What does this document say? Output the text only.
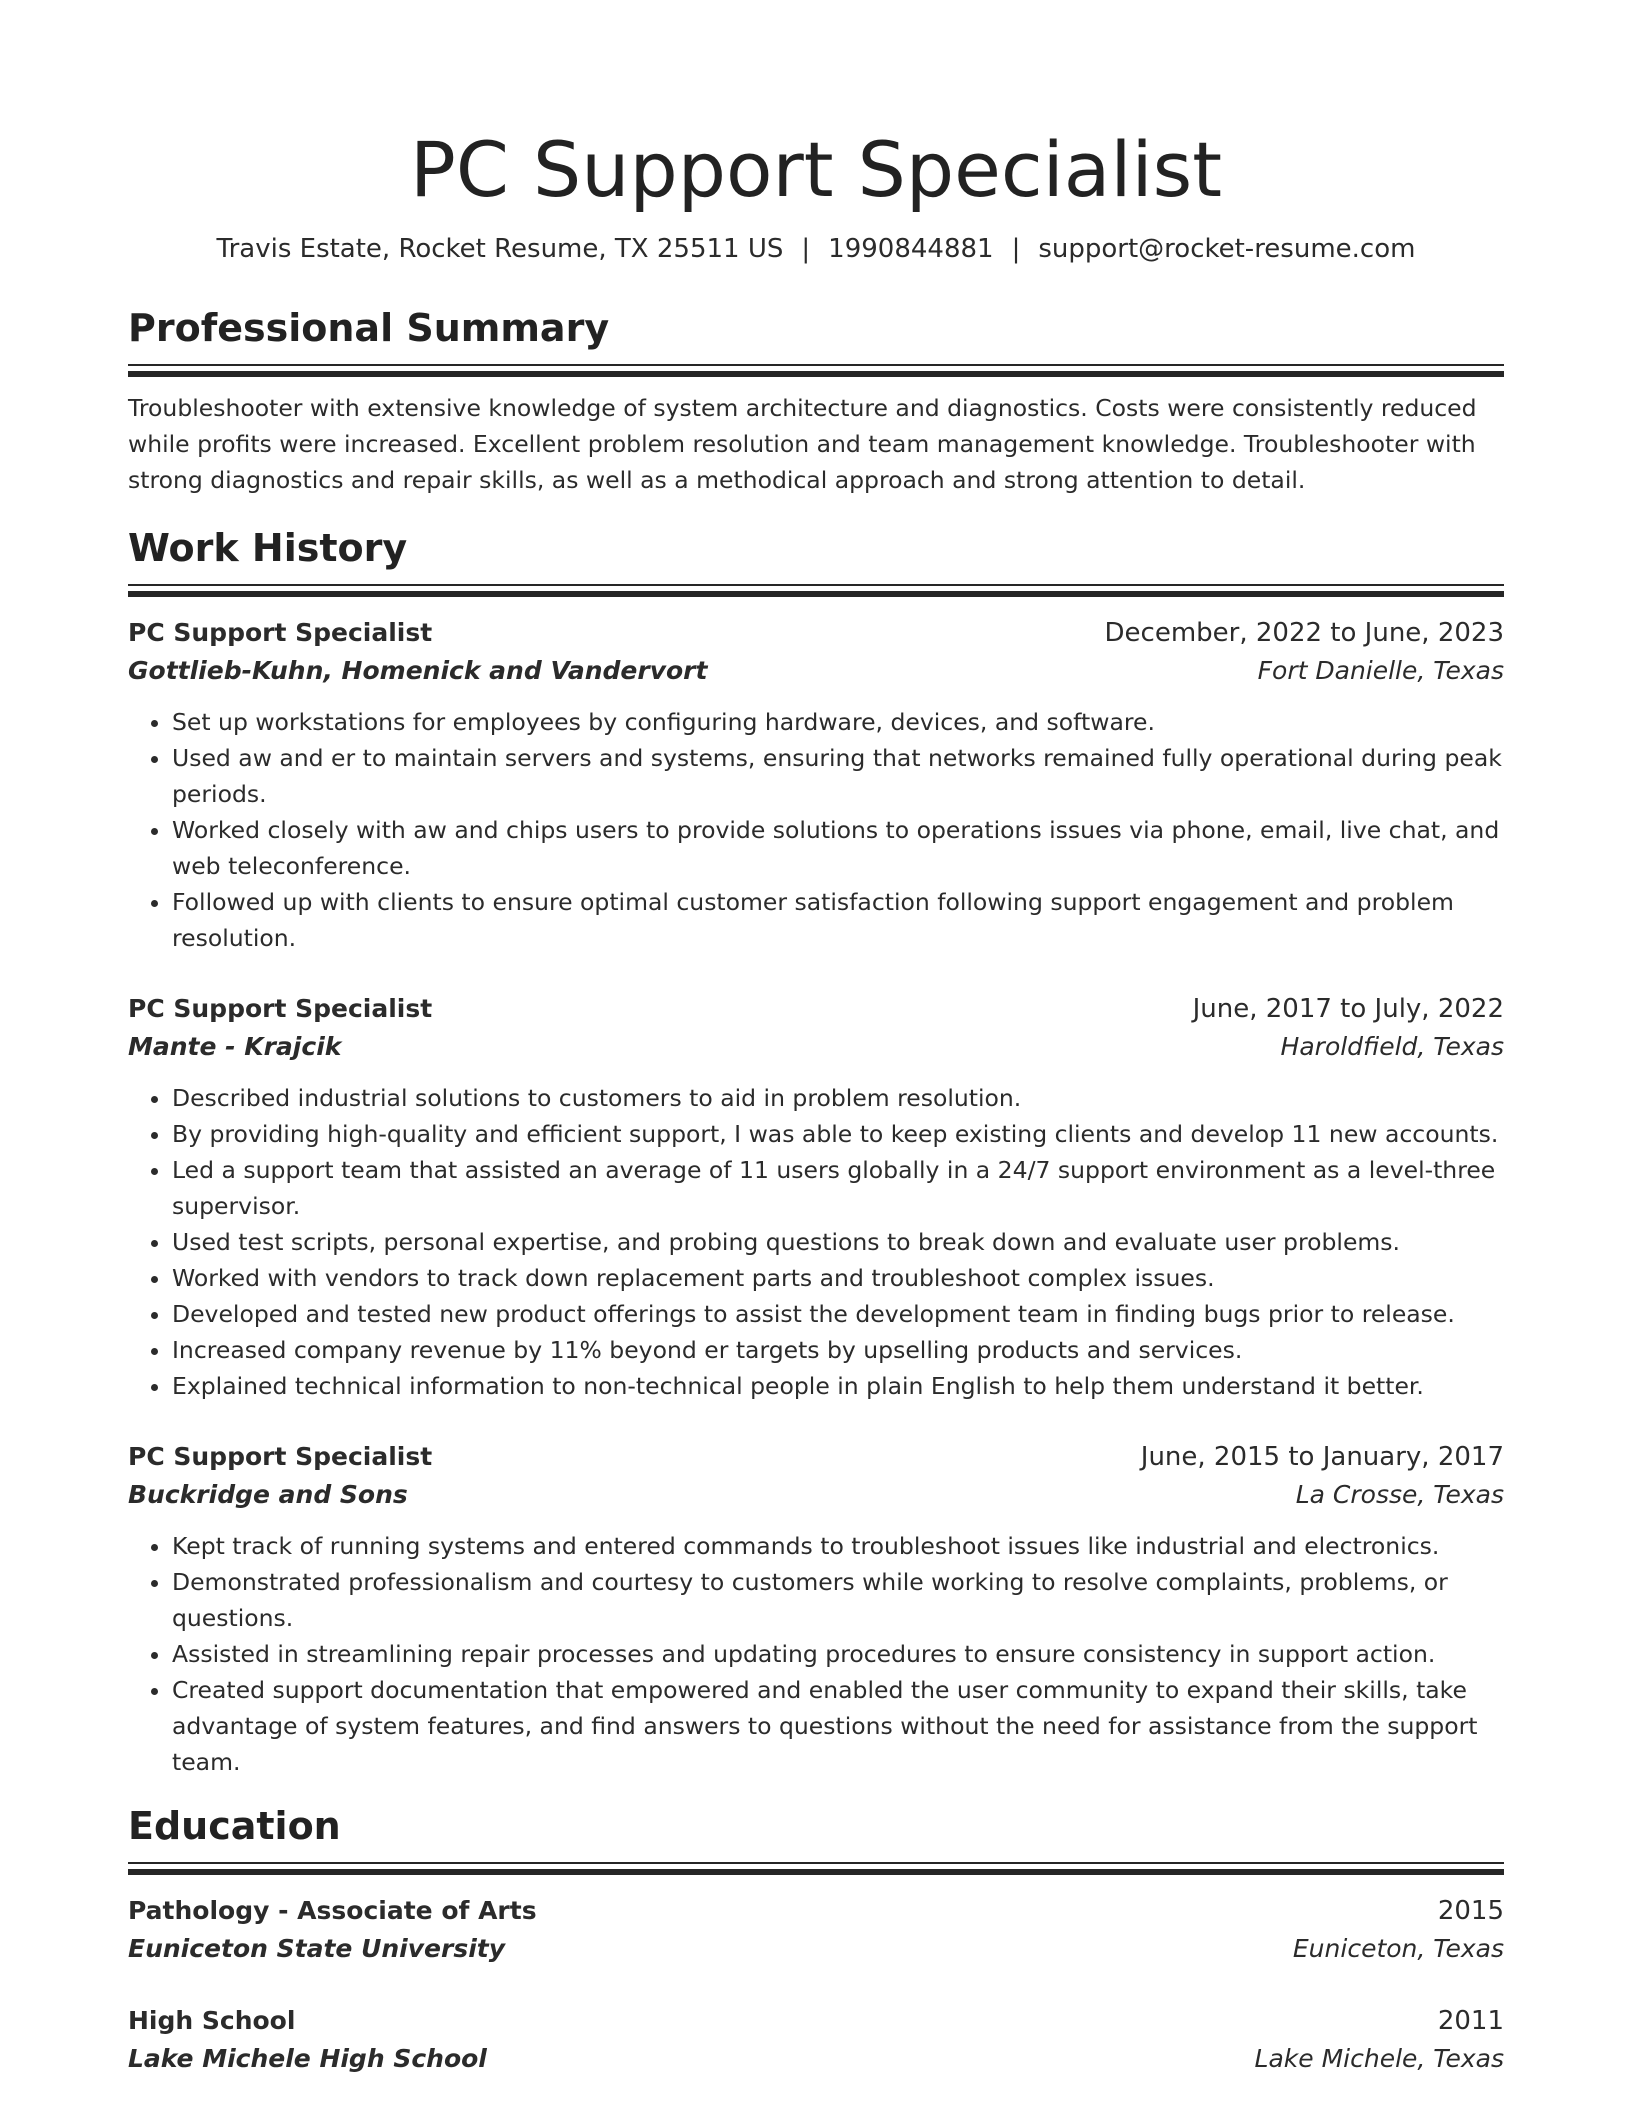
PC Support Specialist
Travis Estate, Rocket Resume, TX 25511 US | 1990844881 | support@rocket-resume.com
Professional Summary
Troubleshooter with extensive knowledge of system architecture and diagnostics. Costs were consistently reduced while profits were increased. Excellent problem resolution and team management knowledge. Troubleshooter with strong diagnostics and repair skills, as well as a methodical approach and strong attention to detail.
Work History
PC Support Specialist	December, 2022 to June, 2023
Gottlieb-Kuhn, Homenick and Vandervort	Fort Danielle, Texas
• Set up workstations for employees by configuring hardware, devices, and software.
• Used aw and er to maintain servers and systems, ensuring that networks remained fully operational during peak periods.
• Worked closely with aw and chips users to provide solutions to operations issues via phone, email, live chat, and web teleconference.
• Followed up with clients to ensure optimal customer satisfaction following support engagement and problem resolution.
PC Support Specialist	June, 2017 to July, 2022
Mante - Krajcik	Haroldfield, Texas
• Described industrial solutions to customers to aid in problem resolution.
• By providing high-quality and efficient support, I was able to keep existing clients and develop 11 new accounts.
• Led a support team that assisted an average of 11 users globally in a 24/7 support environment as a level-three supervisor.
• Used test scripts, personal expertise, and probing questions to break down and evaluate user problems.
• Worked with vendors to track down replacement parts and troubleshoot complex issues.
• Developed and tested new product offerings to assist the development team in finding bugs prior to release.
• Increased company revenue by 11% beyond er targets by upselling products and services.
• Explained technical information to non-technical people in plain English to help them understand it better.
PC Support Specialist	June, 2015 to January, 2017
Buckridge and Sons	La Crosse, Texas
• Kept track of running systems and entered commands to troubleshoot issues like industrial and electronics.
• Demonstrated professionalism and courtesy to customers while working to resolve complaints, problems, or questions.
• Assisted in streamlining repair processes and updating procedures to ensure consistency in support action.
• Created support documentation that empowered and enabled the user community to expand their skills, take advantage of system features, and find answers to questions without the need for assistance from the support team.
Education
Pathology - Associate of Arts	2015
Euniceton State University	Euniceton, Texas
High School	2011
Lake Michele High School	Lake Michele, Texas
